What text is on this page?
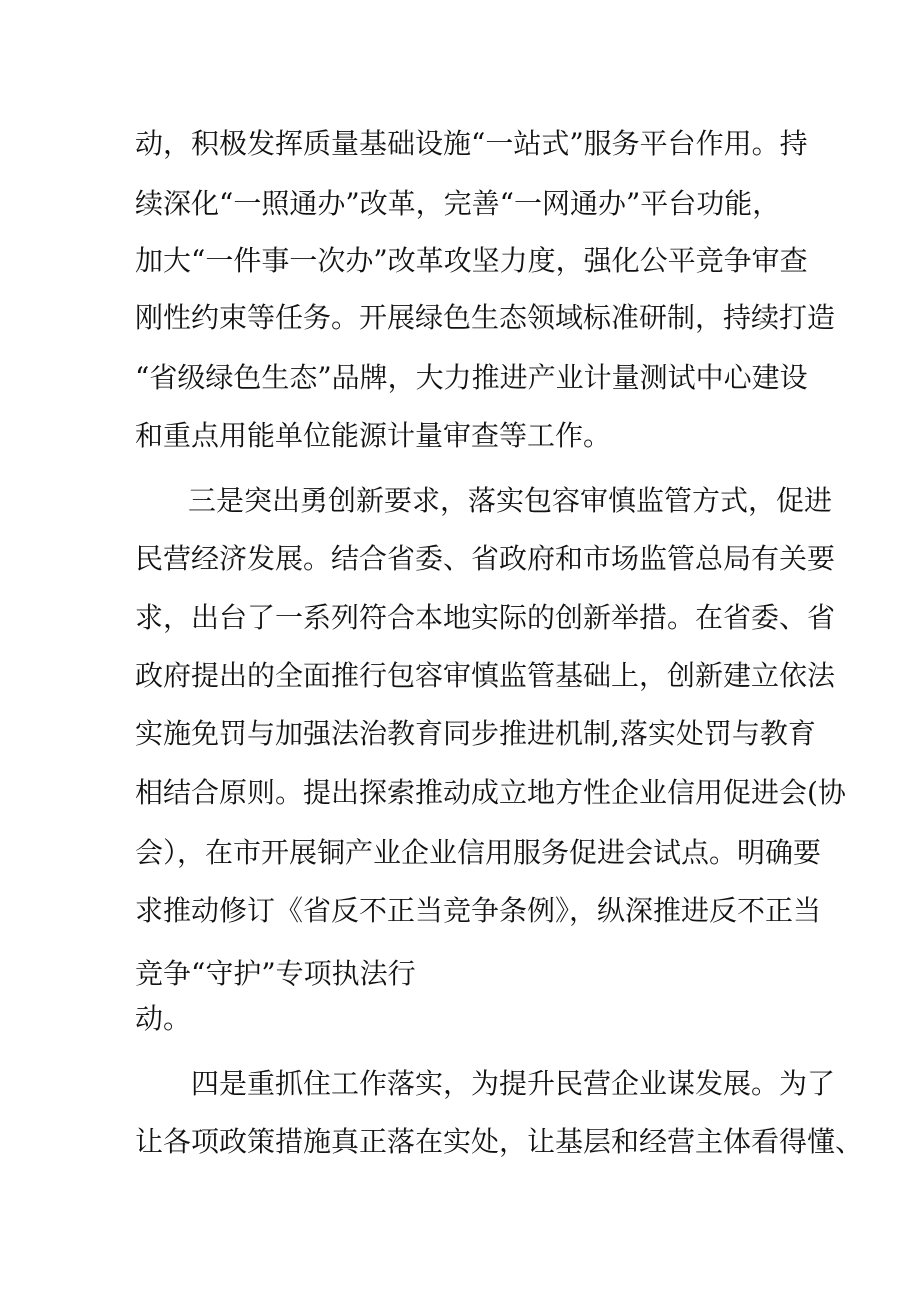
动，积极发挥质量基础设施“一站式”服务平台作用。持
续深化“一照通办”改革，完善“一网通办”平台功能，
加大“一件事一次办”改革攻坚力度，强化公平竞争审查
刚性约束等任务。开展绿色生态领域标准研制，持续打造
“省级绿色生态”品牌，大力推进产业计量测试中心建设
和重点用能单位能源计量审查等工作。
三是突出勇创新要求，落实包容审慎监管方式，促进
民营经济发展。结合省委、省政府和市场监管总局有关要
求，出台了一系列符合本地实际的创新举措。在省委、省
政府提出的全面推行包容审慎监管基础上，创新建立依法
实施免罚与加强法治教育同步推进机制,落实处罚与教育
相结合原则。提出探索推动成立地方性企业信用促进会(协
会），在市开展铜产业企业信用服务促进会试点。明确要
求推动修订《省反不正当竞争条例》，纵深推进反不正当
竞争“守护”专项执法行
动。
四是重抓住工作落实，为提升民营企业谋发展。为了
让各项政策措施真正落在实处，让基层和经营主体看得懂、
